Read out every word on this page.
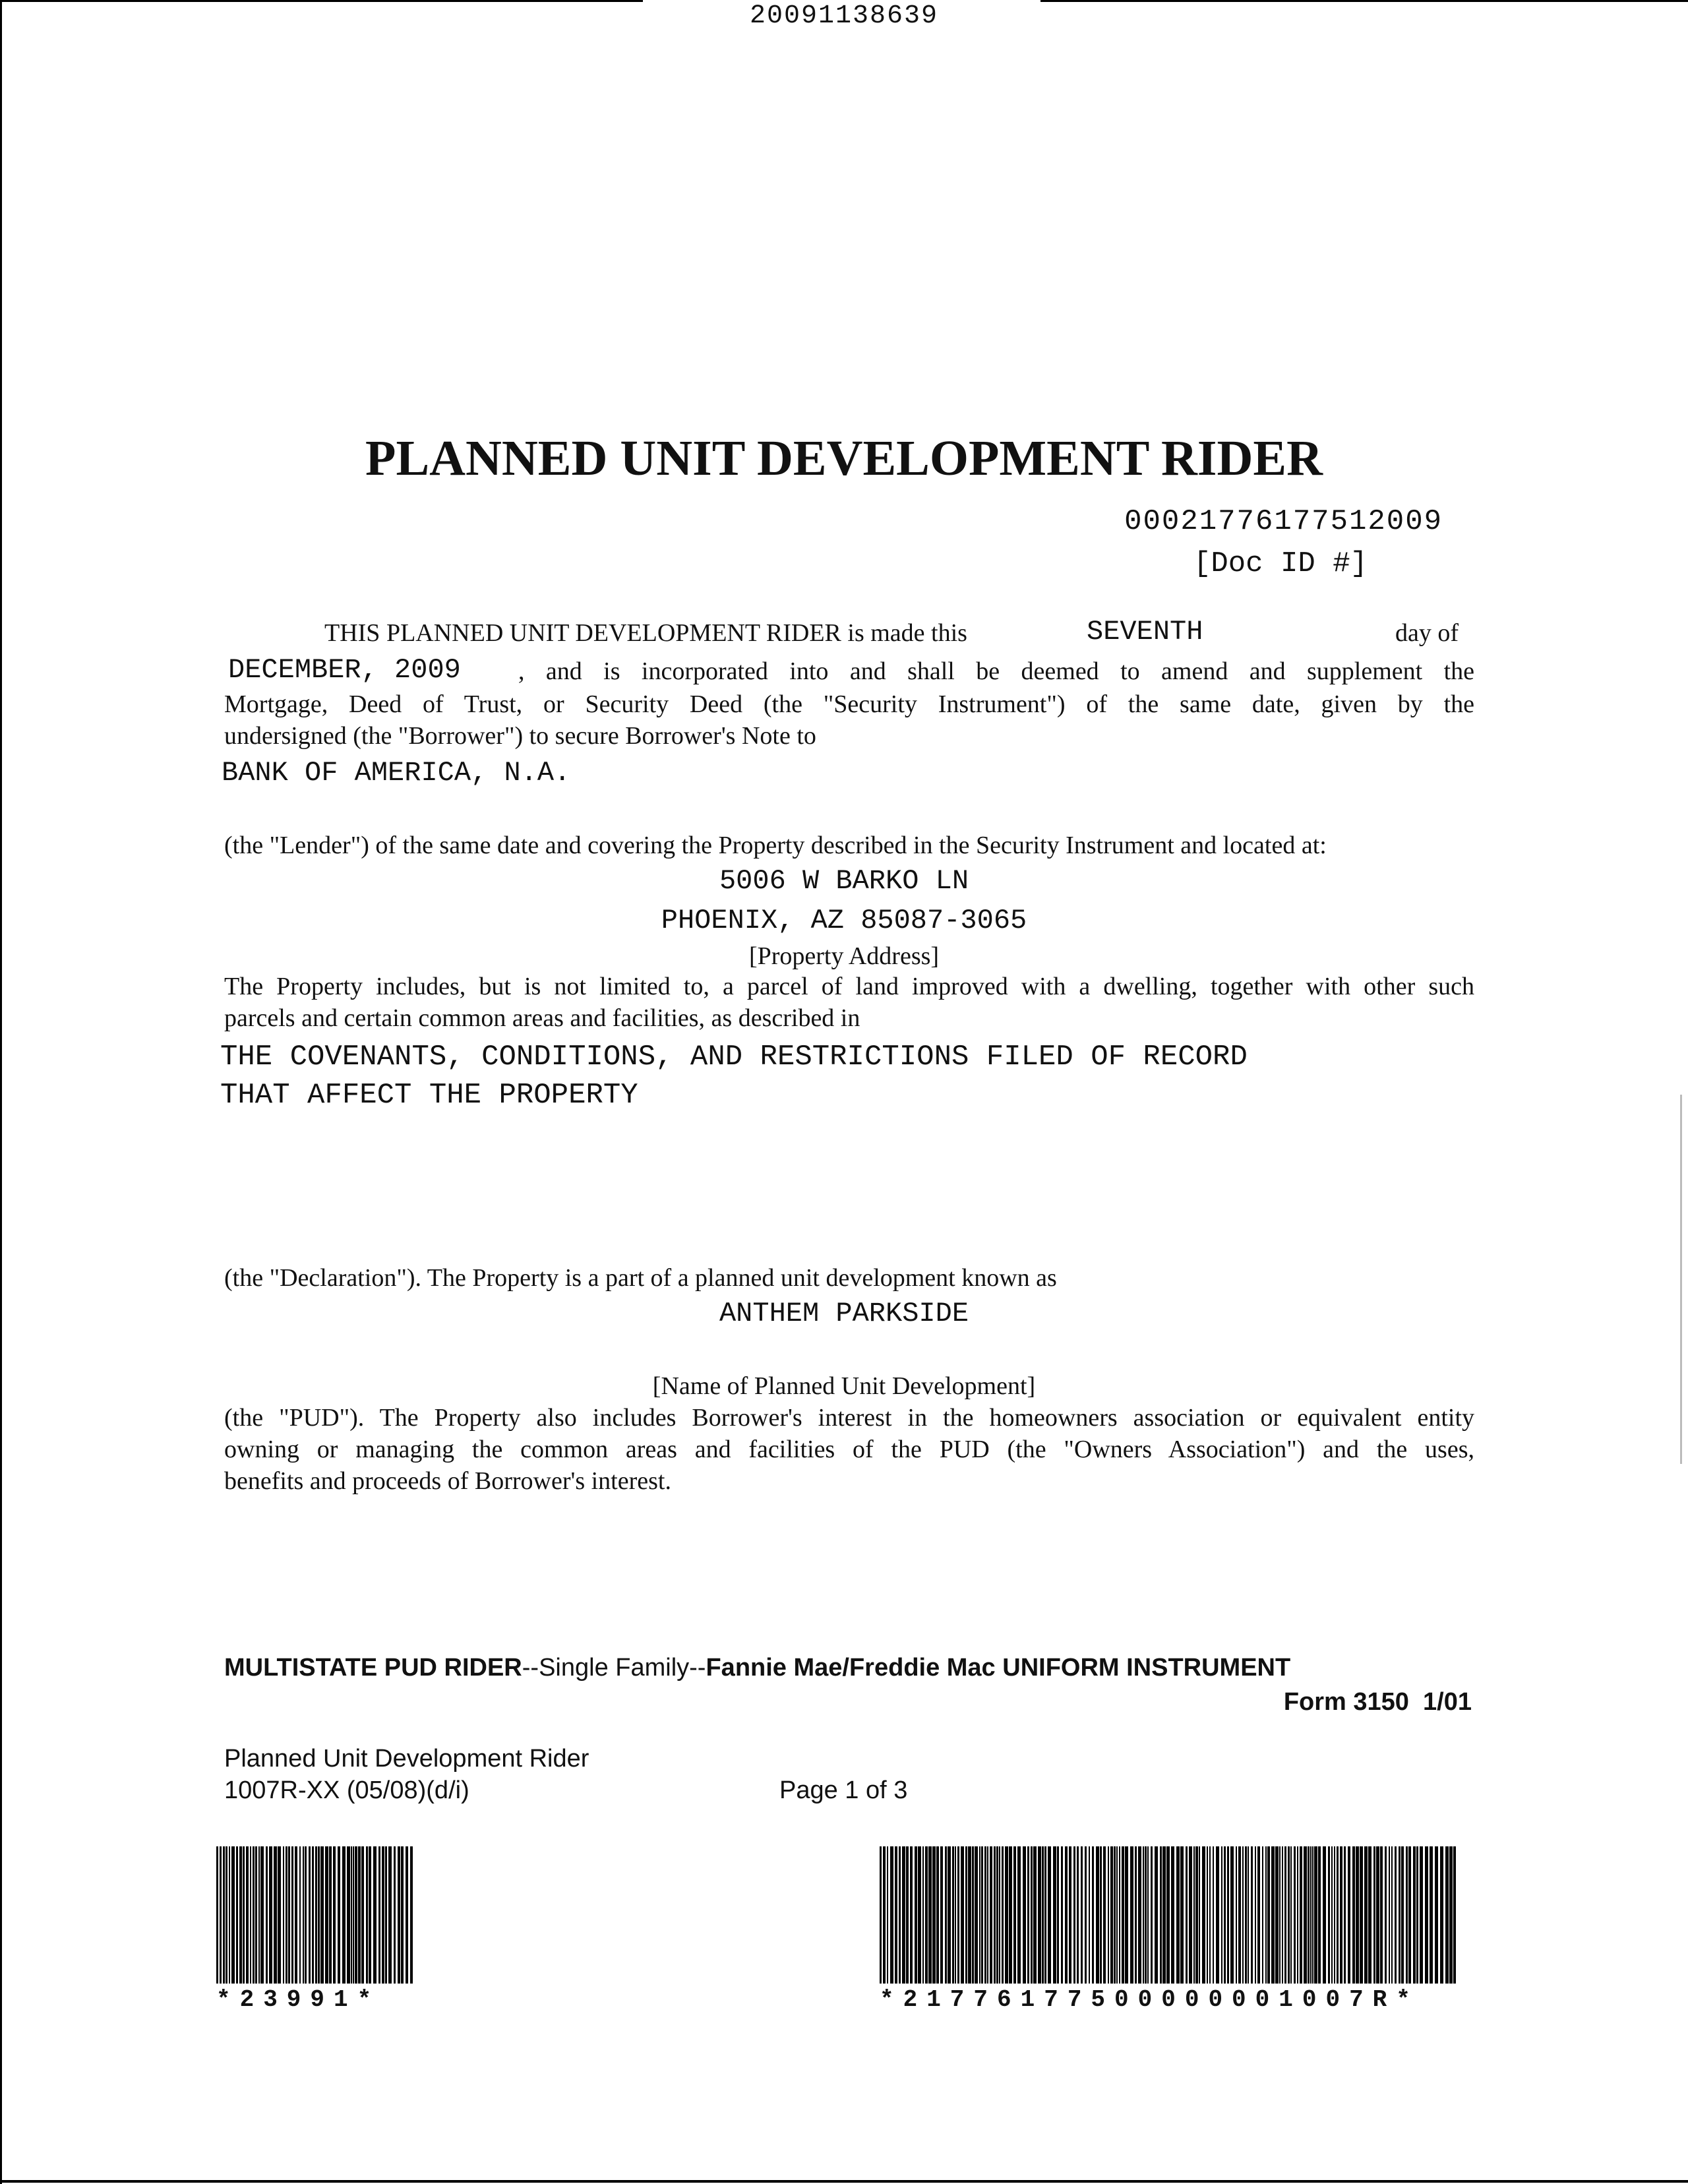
20091138639
PLANNED UNIT DEVELOPMENT RIDER
00021776177512009
[Doc ID #]
THIS PLANNED UNIT DEVELOPMENT RIDER is made this	SEVENTH	day of
DECEMBER, 2009 , and is incorporated into and shall be deemed to amend and supplement the
Mortgage, Deed of Trust, or Security Deed (the "Security Instrument") of the same date, given by the
undersigned (the "Borrower") to secure Borrower's Note to
BANK OF AMERICA, N.A.
(the "Lender") of the same date and covering the Property described in the Security Instrument and located at:
5006 W BARKO LN
PHOENIX, AZ 85087-3065
[Property Address]
The Property includes, but is not limited to, a parcel of land improved with a dwelling, together with other such
parcels and certain common areas and facilities, as described in
THE COVENANTS, CONDITIONS, AND RESTRICTIONS FILED OF RECORD
THAT AFFECT THE PROPERTY
(the "Declaration"). The Property is a part of a planned unit development known as
ANTHEM PARKSIDE
[Name of Planned Unit Development]
(the "PUD"). The Property also includes Borrower's interest in the homeowners association or equivalent entity
owning or managing the common areas and facilities of the PUD (the "Owners Association") and the uses,
benefits and proceeds of Borrower's interest.
MULTISTATE PUD RIDER--Single Family--Fannie Mae/Freddie Mac UNIFORM INSTRUMENT
Form 3150  1/01
Planned Unit Development Rider
1007R-XX (05/08)(d/i)	Page 1 of 3
*23991*	*21776177500000001007R*
